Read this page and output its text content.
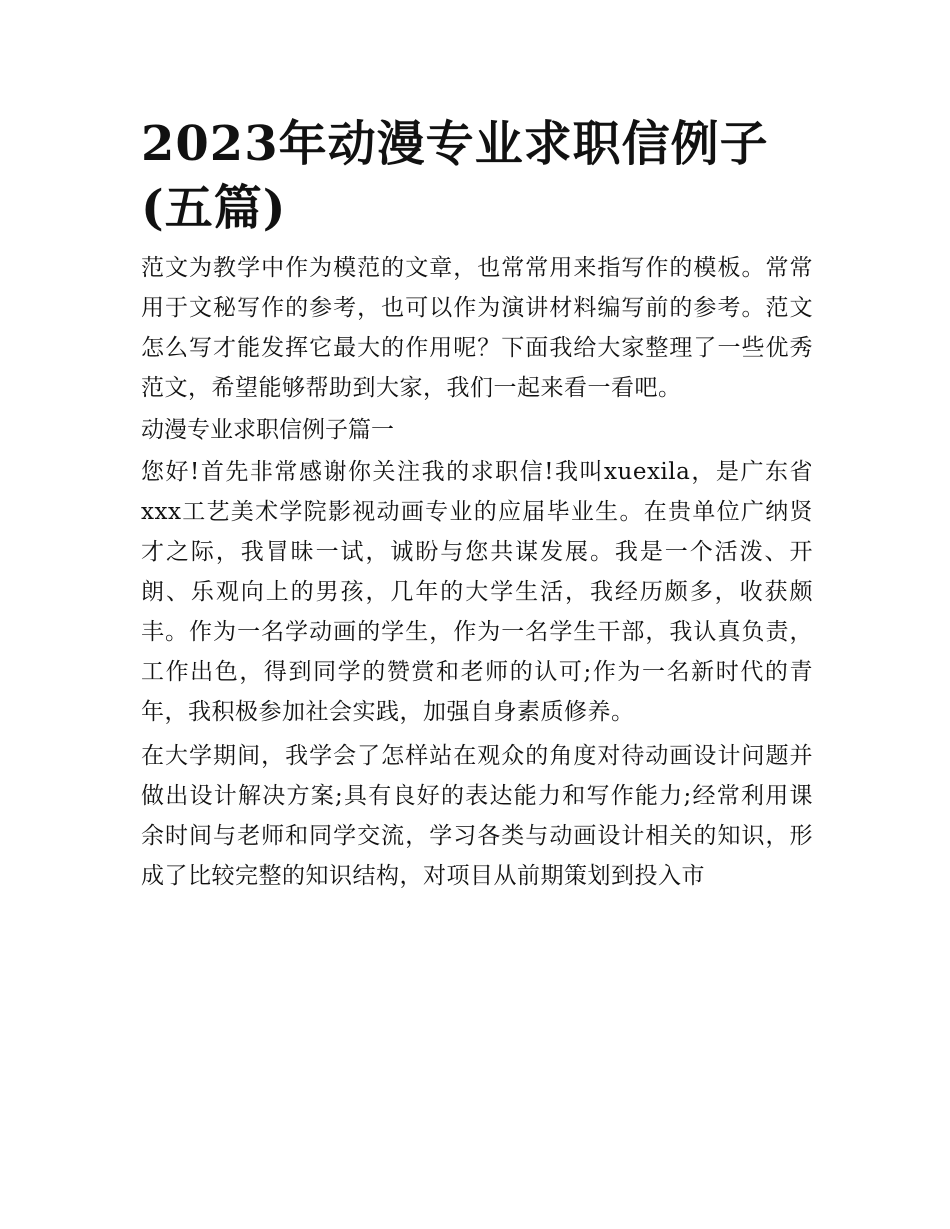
2023年动漫专业求职信例子(五篇)

范文为教学中作为模范的文章，也常常用来指写作的模板。常常用于文秘写作的参考，也可以作为演讲材料编写前的参考。范文怎么写才能发挥它最大的作用呢？下面我给大家整理了一些优秀范文，希望能够帮助到大家，我们一起来看一看吧。

动漫专业求职信例子篇一

您好!首先非常感谢你关注我的求职信!我叫xuexila，是广东省xxx工艺美术学院影视动画专业的应届毕业生。在贵单位广纳贤才之际，我冒昧一试，诚盼与您共谋发展。我是一个活泼、开朗、乐观向上的男孩，几年的大学生活，我经历颇多，收获颇丰。作为一名学动画的学生，作为一名学生干部，我认真负责，工作出色，得到同学的赞赏和老师的认可;作为一名新时代的青年，我积极参加社会实践，加强自身素质修养。

在大学期间，我学会了怎样站在观众的角度对待动画设计问题并做出设计解决方案;具有良好的表达能力和写作能力;经常利用课余时间与老师和同学交流，学习各类与动画设计相关的知识，形成了比较完整的知识结构，对项目从前期策划到投入市
